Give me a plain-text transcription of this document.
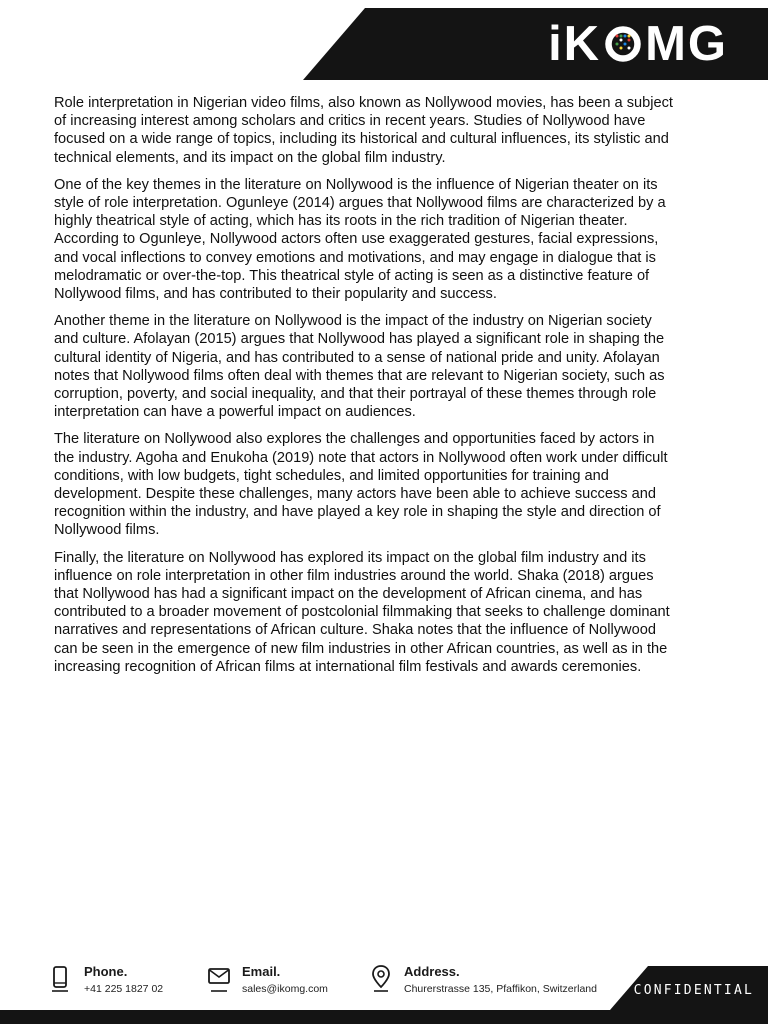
iK MG

Role interpretation in Nigerian video films, also known as Nollywood movies, has been a subject of increasing interest among scholars and critics in recent years. Studies of Nollywood have focused on a wide range of topics, including its historical and cultural influences, its stylistic and technical elements, and its impact on the global film industry.

One of the key themes in the literature on Nollywood is the influence of Nigerian theater on its style of role interpretation. Ogunleye (2014) argues that Nollywood films are characterized by a highly theatrical style of acting, which has its roots in the rich tradition of Nigerian theater. According to Ogunleye, Nollywood actors often use exaggerated gestures, facial expressions, and vocal inflections to convey emotions and motivations, and may engage in dialogue that is melodramatic or over-the-top. This theatrical style of acting is seen as a distinctive feature of Nollywood films, and has contributed to their popularity and success.

Another theme in the literature on Nollywood is the impact of the industry on Nigerian society and culture. Afolayan (2015) argues that Nollywood has played a significant role in shaping the cultural identity of Nigeria, and has contributed to a sense of national pride and unity. Afolayan notes that Nollywood films often deal with themes that are relevant to Nigerian society, such as corruption, poverty, and social inequality, and that their portrayal of these themes through role interpretation can have a powerful impact on audiences.

The literature on Nollywood also explores the challenges and opportunities faced by actors in the industry. Agoha and Enukoha (2019) note that actors in Nollywood often work under difficult conditions, with low budgets, tight schedules, and limited opportunities for training and development. Despite these challenges, many actors have been able to achieve success and recognition within the industry, and have played a key role in shaping the style and direction of Nollywood films.

Finally, the literature on Nollywood has explored its impact on the global film industry and its influence on role interpretation in other film industries around the world. Shaka (2018) argues that Nollywood has had a significant impact on the development of African cinema, and has contributed to a broader movement of postcolonial filmmaking that seeks to challenge dominant narratives and representations of African culture. Shaka notes that the influence of Nollywood can be seen in the emergence of new film industries in other African countries, as well as in the increasing recognition of African films at international film festivals and awards ceremonies.

Phone.
+41 225 1827 02
Email.
sales@ikomg.com
Address.
Churerstrasse 135, Pfaffikon, Switzerland	CONFIDENTIAL
